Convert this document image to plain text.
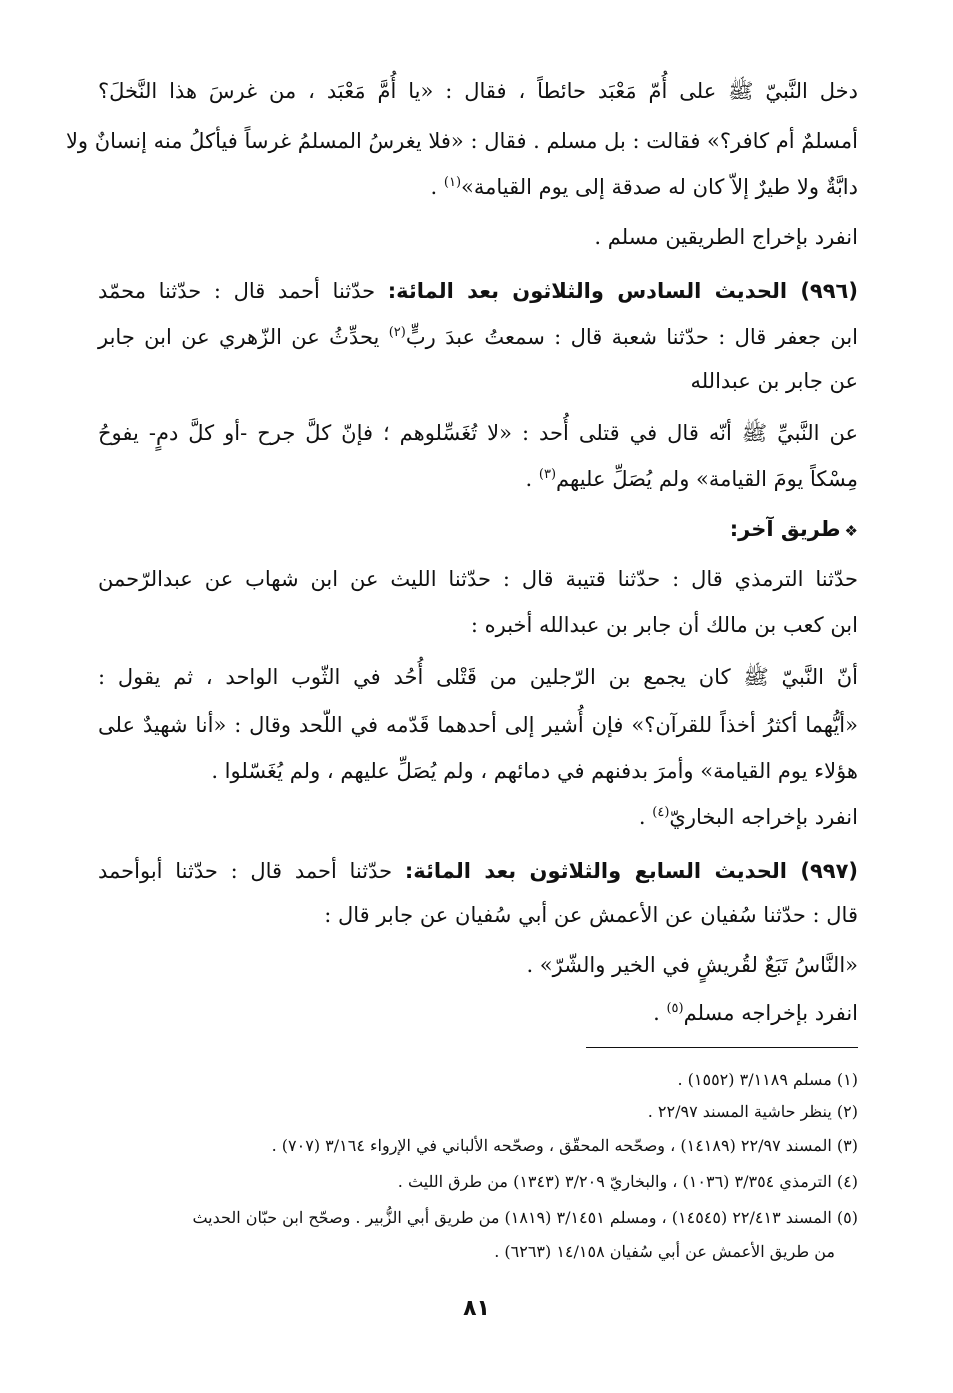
دخل النَّبيّ ﷺ على أُمّ مَعْبَد حائطاً ، فقال : «يا أُمَّ مَعْبَد ، من غرسَ هذا النَّخلَ؟
أمسلمٌ أم كافر؟» فقالت : بل مسلم . فقال : «فلا يغرسُ المسلمُ غرساً فيأكلُ منه إنسانٌ ولا
دابَّةٌ ولا طيرٌ إلاّ كان له صدقة إلى يوم القيامة»$^{(١)}$ .
انفرد بإخراج الطريقين مسلم .
(٩٩٦) الحديث السادس والثلاثون بعد المائة: حدّثنا أحمد قال : حدّثنا محمّد
ابن جعفر قال : حدّثنا شعبة قال : سمعتُ عبدَ ربٍّ$^{(٢)}$ يحدِّثُ عن الزّهري عن ابن جابر
عن جابر بن عبدالله
عن النَّبيِّ ﷺ أنّه قال في قتلى أُحد : «لا تُغَسِّلوهم ؛ فإنّ كلَّ جرح -أو كلَّ دمٍ- يفوحُ
مِسْكاً يومَ القيامة» ولم يُصَلِّ عليهم$^{(٣)}$ .
❖طريق آخر:
حدّثنا الترمذي قال : حدّثنا قتيبة قال : حدّثنا الليث عن ابن شهاب عن عبدالرّحمن
ابن كعب بن مالك أن جابر بن عبدالله أخبره :
أنّ النَّبيّ ﷺ كان يجمع بن الرّجلين من قَتْلى أُحُد في الثّوب الواحد ، ثم يقول :
«أيُّهما أكثرُ أخذاً للقرآن؟» فإن أُشير إلى أحدهما قَدّمه في اللّحد وقال : «أنا شهيدٌ على
هؤلاء يوم القيامة» وأمرَ بدفنهم في دمائهم ، ولم يُصَلِّ عليهم ، ولم يُغَسّلوا .
انفرد بإخراجه البخاريّ$^{(٤)}$ .
(٩٩٧) الحديث السابع والثلاثون بعد المائة: حدّثنا أحمد قال : حدّثنا أبوأحمد
قال : حدّثنا سُفيان عن الأعمش عن أبي سُفيان عن جابر قال :
«النَّاسُ تَبَعٌ لقُريشٍ في الخير والشّرّ» .
انفرد بإخراجه مسلم$^{(٥)}$ .
(١) مسلم ٣/١١٨٩ (١٥٥٢) .
(٢) ينظر حاشية المسند ٢٢/٩٧ .
(٣) المسند ٢٢/٩٧ (١٤١٨٩) ، وصحّحه المحقّق ، وصحّحه الألباني في الإرواء ٣/١٦٤ (٧٠٧) .
(٤) الترمذي ٣/٣٥٤ (١٠٣٦) ، والبخاريّ ٣/٢٠٩ (١٣٤٣) من طرق الليث .
(٥) المسند ٢٢/٤١٣ (١٤٥٤٥) ، ومسلم ٣/١٤٥١ (١٨١٩) من طريق أبي الزُّبير . وصحّح ابن حبّان الحديث
من طريق الأعمش عن أبي سُفيان ١٤/١٥٨ (٦٢٦٣) .
٨١
